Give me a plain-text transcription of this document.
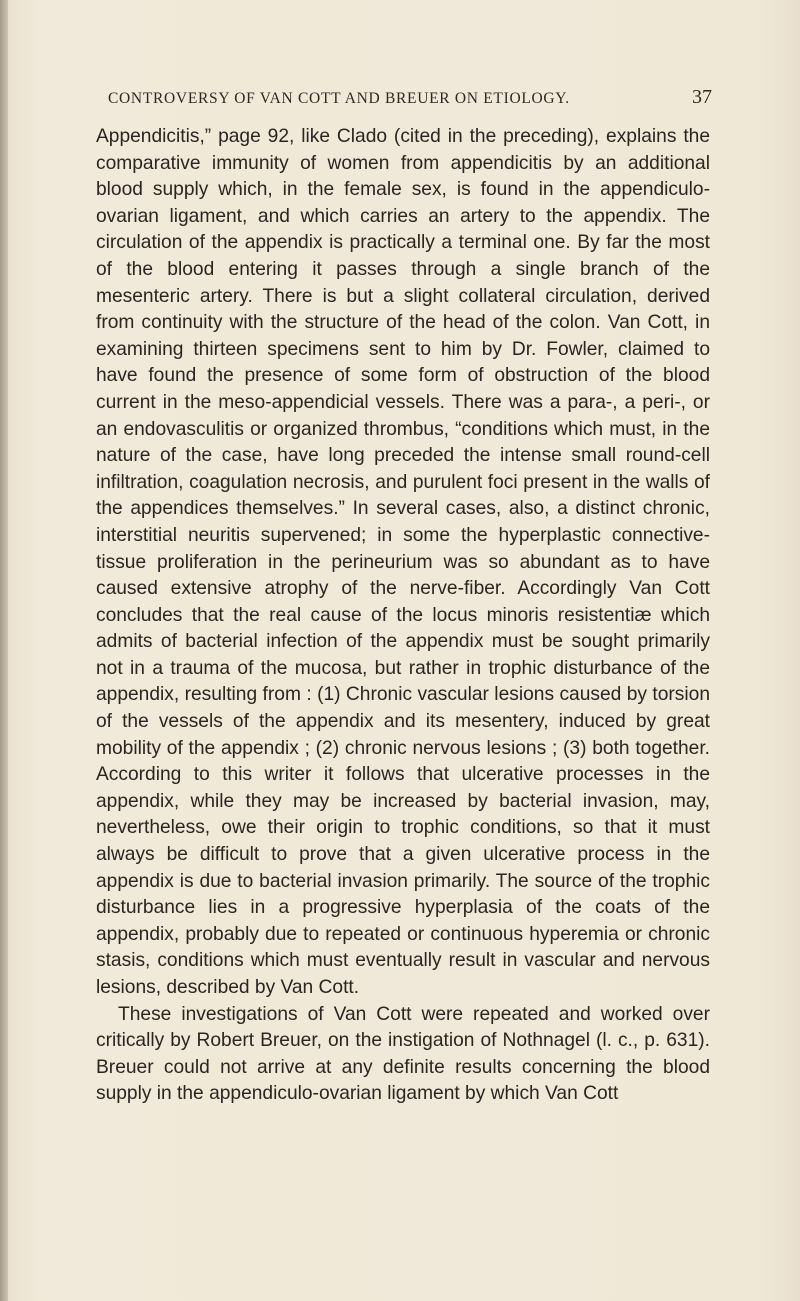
CONTROVERSY OF VAN COTT AND BREUER ON ETIOLOGY.	37

Appendicitis,” page 92, like Clado (cited in the preceding), explains the comparative immunity of women from appendicitis by an additional blood supply which, in the female sex, is found in the appendiculo-ovarian ligament, and which carries an artery to the appendix. The circulation of the appendix is practically a terminal one. By far the most of the blood entering it passes through a single branch of the mesenteric artery. There is but a slight collateral circulation, derived from continuity with the structure of the head of the colon. Van Cott, in examining thirteen specimens sent to him by Dr. Fowler, claimed to have found the presence of some form of obstruction of the blood current in the meso-appendicial vessels. There was a para-, a peri-, or an endovasculitis or organized thrombus, “conditions which must, in the nature of the case, have long preceded the intense small round-cell infiltration, coagulation necrosis, and purulent foci present in the walls of the appendices themselves.” In several cases, also, a distinct chronic, interstitial neuritis supervened; in some the hyperplastic connective-tissue proliferation in the perineurium was so abundant as to have caused extensive atrophy of the nerve-fiber. Accordingly Van Cott concludes that the real cause of the locus minoris resistentiæ which admits of bacterial infection of the appendix must be sought primarily not in a trauma of the mucosa, but rather in trophic disturbance of the appendix, resulting from : (1) Chronic vascular lesions caused by torsion of the vessels of the appendix and its mesentery, induced by great mobility of the appendix ; (2) chronic nervous lesions ; (3) both together. According to this writer it follows that ulcerative processes in the appendix, while they may be increased by bacterial invasion, may, nevertheless, owe their origin to trophic conditions, so that it must always be difficult to prove that a given ulcerative process in the appendix is due to bacterial invasion primarily. The source of the trophic disturbance lies in a progressive hyperplasia of the coats of the appendix, probably due to repeated or continuous hyperemia or chronic stasis, conditions which must eventually result in vascular and nervous lesions, described by Van Cott.

These investigations of Van Cott were repeated and worked over critically by Robert Breuer, on the instigation of Nothnagel (l. c., p. 631). Breuer could not arrive at any definite results concerning the blood supply in the appendiculo-ovarian ligament by which Van Cott
